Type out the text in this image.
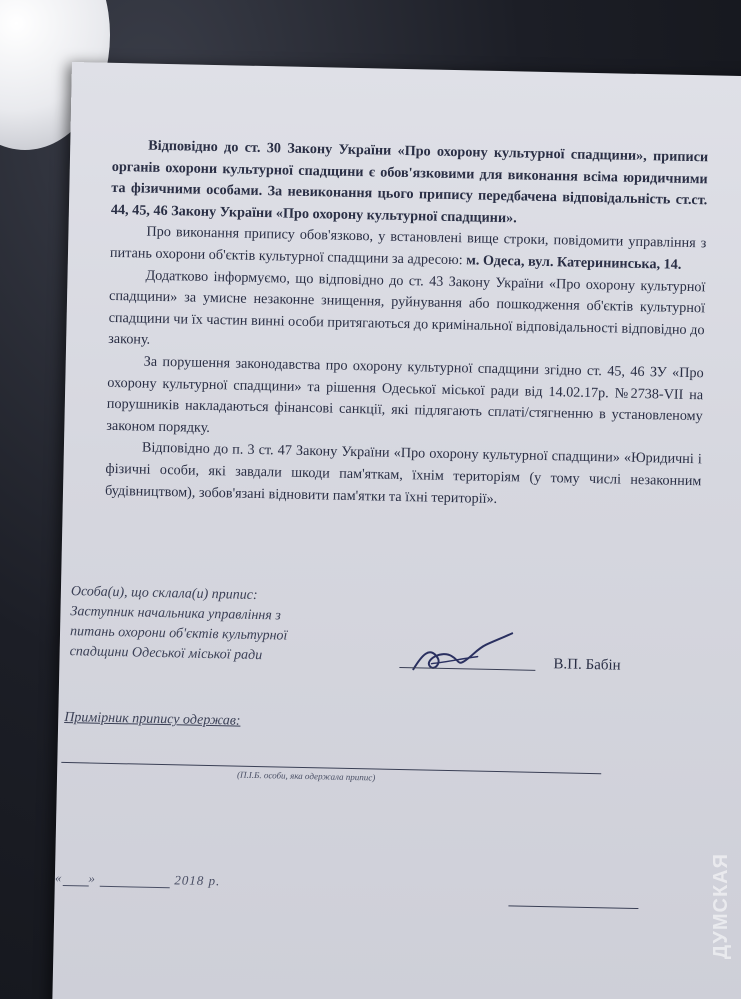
Відповідно до ст. 30 Закону України «Про охорону культурної спадщини», приписи органів охорони культурної спадщини є обов'язковими для виконання всіма юридичними та фізичними особами. За невиконання цього припису передбачена відповідальність ст.ст. 44, 45, 46 Закону України «Про охорону культурної спадщини».

Про виконання припису обов'язково, у встановлені вище строки, повідомити управління з питань охорони об'єктів культурної спадщини за адресою: м. Одеса, вул. Катерининська, 14.

Додатково інформуємо, що відповідно до ст. 43 Закону України «Про охорону культурної спадщини» за умисне незаконне знищення, руйнування або пошкодження об'єктів культурної спадщини чи їх частин винні особи притягаються до кримінальної відповідальності відповідно до закону.

За порушення законодавства про охорону культурної спадщини згідно ст. 45, 46 ЗУ «Про охорону культурної спадщини» та рішення Одеської міської ради від 14.02.17р. №2738-VII на порушників накладаються фінансові санкції, які підлягають сплаті/стягненню в установленому законом порядку.

Відповідно до п. 3 ст. 47 Закону України «Про охорону культурної спадщини» «Юридичні і фізичні особи, які завдали шкоди пам'яткам, їхнім територіям (у тому числі незаконним будівництвом), зобов'язані відновити пам'ятки та їхні території».

Особа(и), що склала(и) припис:
Заступник начальника управління з
питань охорони об'єктів культурної
спадщини Одеської міської ради
В.П. Бабін
Примірник припису одержав:
(П.І.Б. особи, яка одержала припис)
« »	2018 р.	ДУМСКАЯ
